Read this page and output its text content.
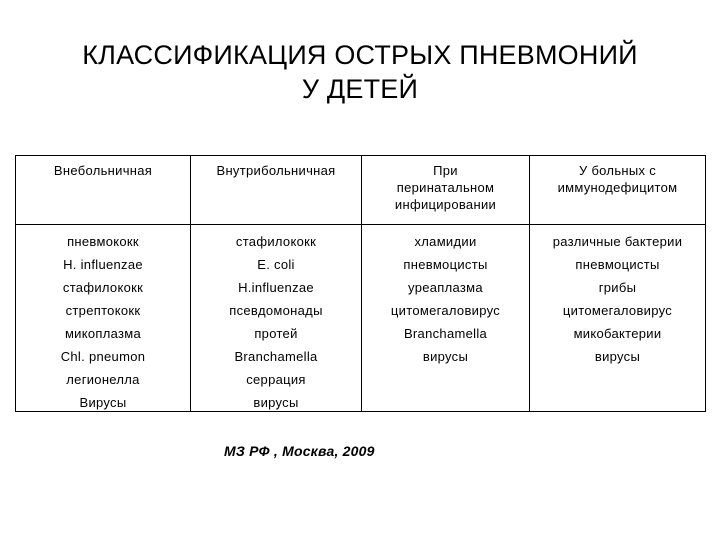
КЛАССИФИКАЦИЯ ОСТРЫХ ПНЕВМОНИЙ
У ДЕТЕЙ
Внебольничная
пневмококк
H. influenzae
стафилококк
стрептококк
микоплазма
Chl. pneumon
легионелла
Вирусы
Внутрибольничная
стафилококк
E. coli
H.influenzae
псевдомонады
протей
Branchamella
серрация
вирусы
При
перинатальном
инфицировании
хламидии
пневмоцисты
уреаплазма
цитомегаловирус
Branchamella
вирусы
У больных с
иммунодефицитом
различные бактерии
пневмоцисты
грибы
цитомегаловирус
микобактерии
вирусы
МЗ РФ , Москва, 2009
